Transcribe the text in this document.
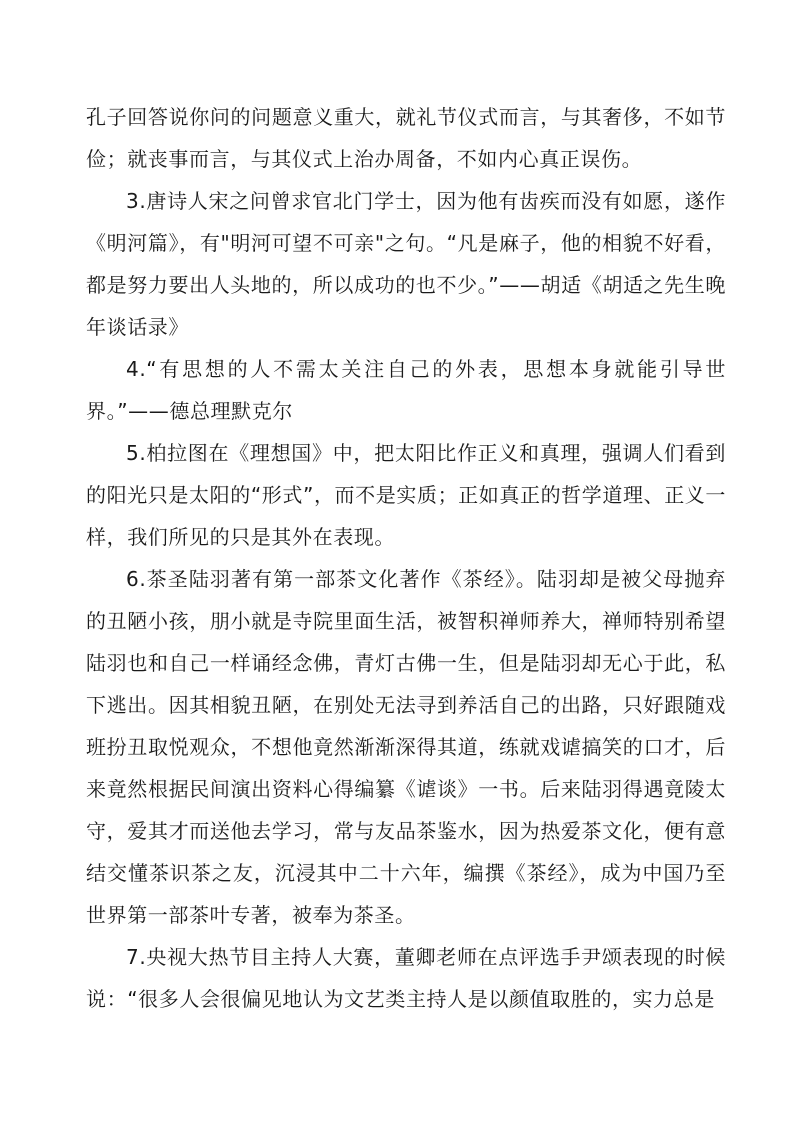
孔子回答说你问的问题意义重大，就礼节仪式而言，与其奢侈，不如节俭；就丧事而言，与其仪式上治办周备，不如内心真正误伤。

3.唐诗人宋之问曾求官北门学士，因为他有齿疾而没有如愿，遂作《明河篇》，有"明河可望不可亲"之句。“凡是麻子，他的相貌不好看，都是努力要出人头地的，所以成功的也不少。”——胡适《胡适之先生晚年谈话录》

4.“有思想的人不需太关注自己的外表，思想本身就能引导世界。”——德总理默克尔

5.柏拉图在《理想国》中，把太阳比作正义和真理，强调人们看到的阳光只是太阳的“形式”，而不是实质；正如真正的哲学道理、正义一样，我们所见的只是其外在表现。

6.茶圣陆羽著有第一部茶文化著作《茶经》。陆羽却是被父母抛弃的丑陋小孩，朋小就是寺院里面生活，被智积禅师养大，禅师特别希望陆羽也和自己一样诵经念佛，青灯古佛一生，但是陆羽却无心于此，私下逃出。因其相貌丑陋，在别处无法寻到养活自己的出路，只好跟随戏班扮丑取悦观众，不想他竟然渐渐深得其道，练就戏谑搞笑的口才，后来竟然根据民间演出资料心得编纂《谑谈》一书。后来陆羽得遇竟陵太守，爱其才而送他去学习，常与友品茶鉴水，因为热爱茶文化，便有意结交懂茶识茶之友，沉浸其中二十六年，编撰《茶经》，成为中国乃至世界第一部茶叶专著，被奉为茶圣。

7.央视大热节目主持人大赛，董卿老师在点评选手尹颂表现的时候说：“很多人会很偏见地认为文艺类主持人是以颜值取胜的，实力总是
